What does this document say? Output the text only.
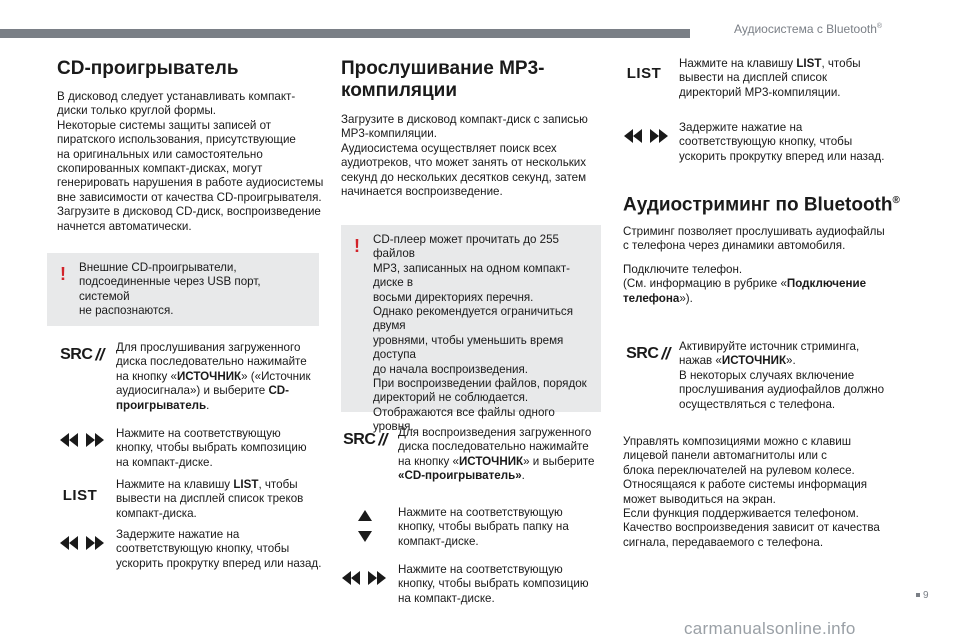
Аудиосистема с Bluetooth®
CD-проигрыватель

В дисковод следует устанавливать компакт-

диски только круглой формы.

Некоторые системы защиты записей от

пиратского использования, присутствующие

на оригинальных или самостоятельно

скопированных компакт-дисках, могут

генерировать нарушения в работе аудиосистемы

вне зависимости от качества CD-проигрывателя.

Загрузите в дисковод CD-диск, воспроизведение

начнется автоматически.

! Внешние CD-проигрыватели,
подсоединенные через USB порт, системой
не распознаются.
SRC // Для прослушивания загруженного
диска последовательно нажимайте
на кнопку «ИСТОЧНИК» («Источник
аудиосигнала») и выберите CD-
проигрыватель.
Нажмите на соответствующую
кнопку, чтобы выбрать композицию
на компакт-диске.
LIST
Нажмите на клавишу LIST, чтобы
вывести на дисплей список треков
компакт-диска.
Задержите нажатие на
соответствующую кнопку, чтобы
ускорить прокрутку вперед или назад.
Прослушивание MP3-
компиляции

Загрузите в дисковод компакт-диск с записью

MP3-компиляции.

Аудиосистема осуществляет поиск всех

аудиотреков, что может занять от нескольких

секунд до нескольких десятков секунд, затем

начинается воспроизведение.

! CD-плеер может прочитать до 255 файлов
MP3, записанных на одном компакт-диске в
восьми директориях перечня.
Однако рекомендуется ограничиться двумя
уровнями, чтобы уменьшить время доступа
до начала воспроизведения.
При воспроизведении файлов, порядок
директорий не соблюдается.
Отображаются все файлы одного уровня.
SRC // Для воспроизведения загруженного
диска последовательно нажимайте
на кнопку «ИСТОЧНИК» и выберите
«CD-проигрыватель».
Нажмите на соответствующую
кнопку, чтобы выбрать папку на
компакт-диске.
Нажмите на соответствующую
кнопку, чтобы выбрать композицию
на компакт-диске.
LIST
Нажмите на клавишу LIST, чтобы
вывести на дисплей список
директорий MP3-компиляции.
Задержите нажатие на
соответствующую кнопку, чтобы
ускорить прокрутку вперед или назад.
Аудиостриминг по Bluetooth®
Стриминг позволяет прослушивать аудиофайлы
с телефона через динамики автомобиля.
Подключите телефон.
(См. информацию в рубрике «Подключение
телефона»).
SRC // Активируйте источник стриминга,
нажав «ИСТОЧНИК».
В некоторых случаях включение
прослушивания аудиофайлов должно
осуществляться с телефона.
Управлять композициями можно с клавиш
лицевой панели автомагнитолы или с
блока переключателей на рулевом колесе.
Относящаяся к работе системы информация
может выводиться на экран.
Если функция поддерживается телефоном.
Качество воспроизведения зависит от качества
сигнала, передаваемого с телефона.
9
carmanualsonline.info
